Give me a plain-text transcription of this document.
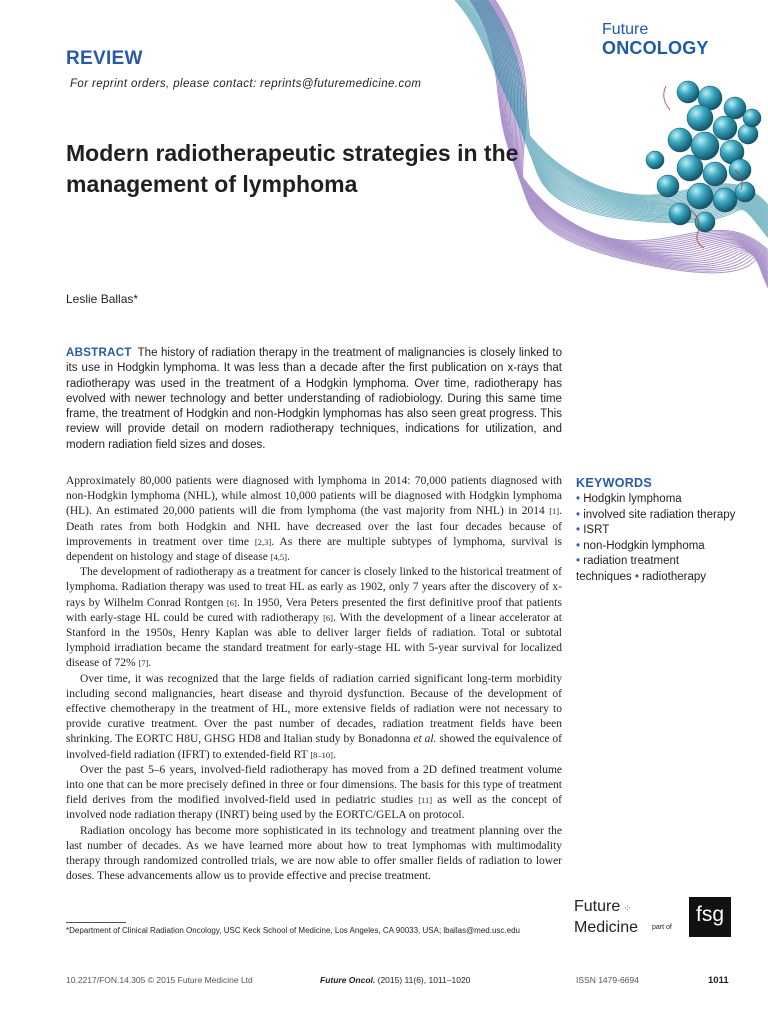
REVIEW
For reprint orders, please contact: reprints@futuremedicine.com
Future
ONCOLOGY
Modern radiotherapeutic strategies in the management of lymphoma
Leslie Ballas*
ABSTRACT The history of radiation therapy in the treatment of malignancies is closely linked to its use in Hodgkin lymphoma. It was less than a decade after the first publication on x-rays that radiotherapy was used in the treatment of a Hodgkin lymphoma. Over time, radiotherapy has evolved with newer technology and better understanding of radiobiology. During this same time frame, the treatment of Hodgkin and non-Hodgkin lymphomas has also seen great progress. This review will provide detail on modern radiotherapy techniques, indications for utilization, and modern radiation field sizes and doses.

Approximately 80,000 patients were diagnosed with lymphoma in 2014: 70,000 patients diagnosed with non-Hodgkin lymphoma (NHL), while almost 10,000 patients will be diagnosed with Hodgkin lymphoma (HL). An estimated 20,000 patients will die from lymphoma (the vast majority from NHL) in 2014 [1]. Death rates from both Hodgkin and NHL have decreased over the last four decades because of improvements in treatment over time [2,3]. As there are multiple subtypes of lymphoma, survival is dependent on histology and stage of disease [4,5].

The development of radiotherapy as a treatment for cancer is closely linked to the historical treatment of lymphoma. Radiation therapy was used to treat HL as early as 1902, only 7 years after the discovery of x-rays by Wilhelm Conrad Rontgen [6]. In 1950, Vera Peters presented the first definitive proof that patients with early-stage HL could be cured with radiotherapy [6]. With the development of a linear accelerator at Stanford in the 1950s, Henry Kaplan was able to deliver larger fields of radiation. Total or subtotal lymphoid irradiation became the standard treatment for early-stage HL with 5-year survival for localized disease of 72% [7].

Over time, it was recognized that the large fields of radiation carried significant long-term morbidity including second malignancies, heart disease and thyroid dysfunction. Because of the development of effective chemotherapy in the treatment of HL, more extensive fields of radiation were not necessary to provide curative treatment. Over the past number of decades, radiation treatment fields have been shrinking. The EORTC H8U, GHSG HD8 and Italian study by Bonadonna et al. showed the equivalence of involved-field radiation (IFRT) to extended-field RT [8–10].

Over the past 5–6 years, involved-field radiotherapy has moved from a 2D defined treatment volume into one that can be more precisely defined in three or four dimensions. The basis for this type of treatment field derives from the modified involved-field used in pediatric studies [11] as well as the concept of involved node radiation therapy (INRT) being used by the EORTC/GELA on protocol.

Radiation oncology has become more sophisticated in its technology and treatment planning over the last number of decades. As we have learned more about how to treat lymphomas with multimodality therapy through randomized controlled trials, we are now able to offer smaller fields of radiation to lower doses. These advancements allow us to provide effective and precise treatment.

KEYWORDS
• Hodgkin lymphoma
• involved site radiation therapy • ISRT
• non-Hodgkin lymphoma
• radiation treatment techniques • radiotherapy
Future ⁘
Medicine part of
fsg
*Department of Clinical Radiation Oncology, USC Keck School of Medicine, Los Angeles, CA 90033, USA; lballas@med.usc.edu
10.2217/FON.14.305 © 2015 Future Medicine Ltd	Future Oncol. (2015) 11(6), 1011–1020	ISSN 1479-6694	1011
